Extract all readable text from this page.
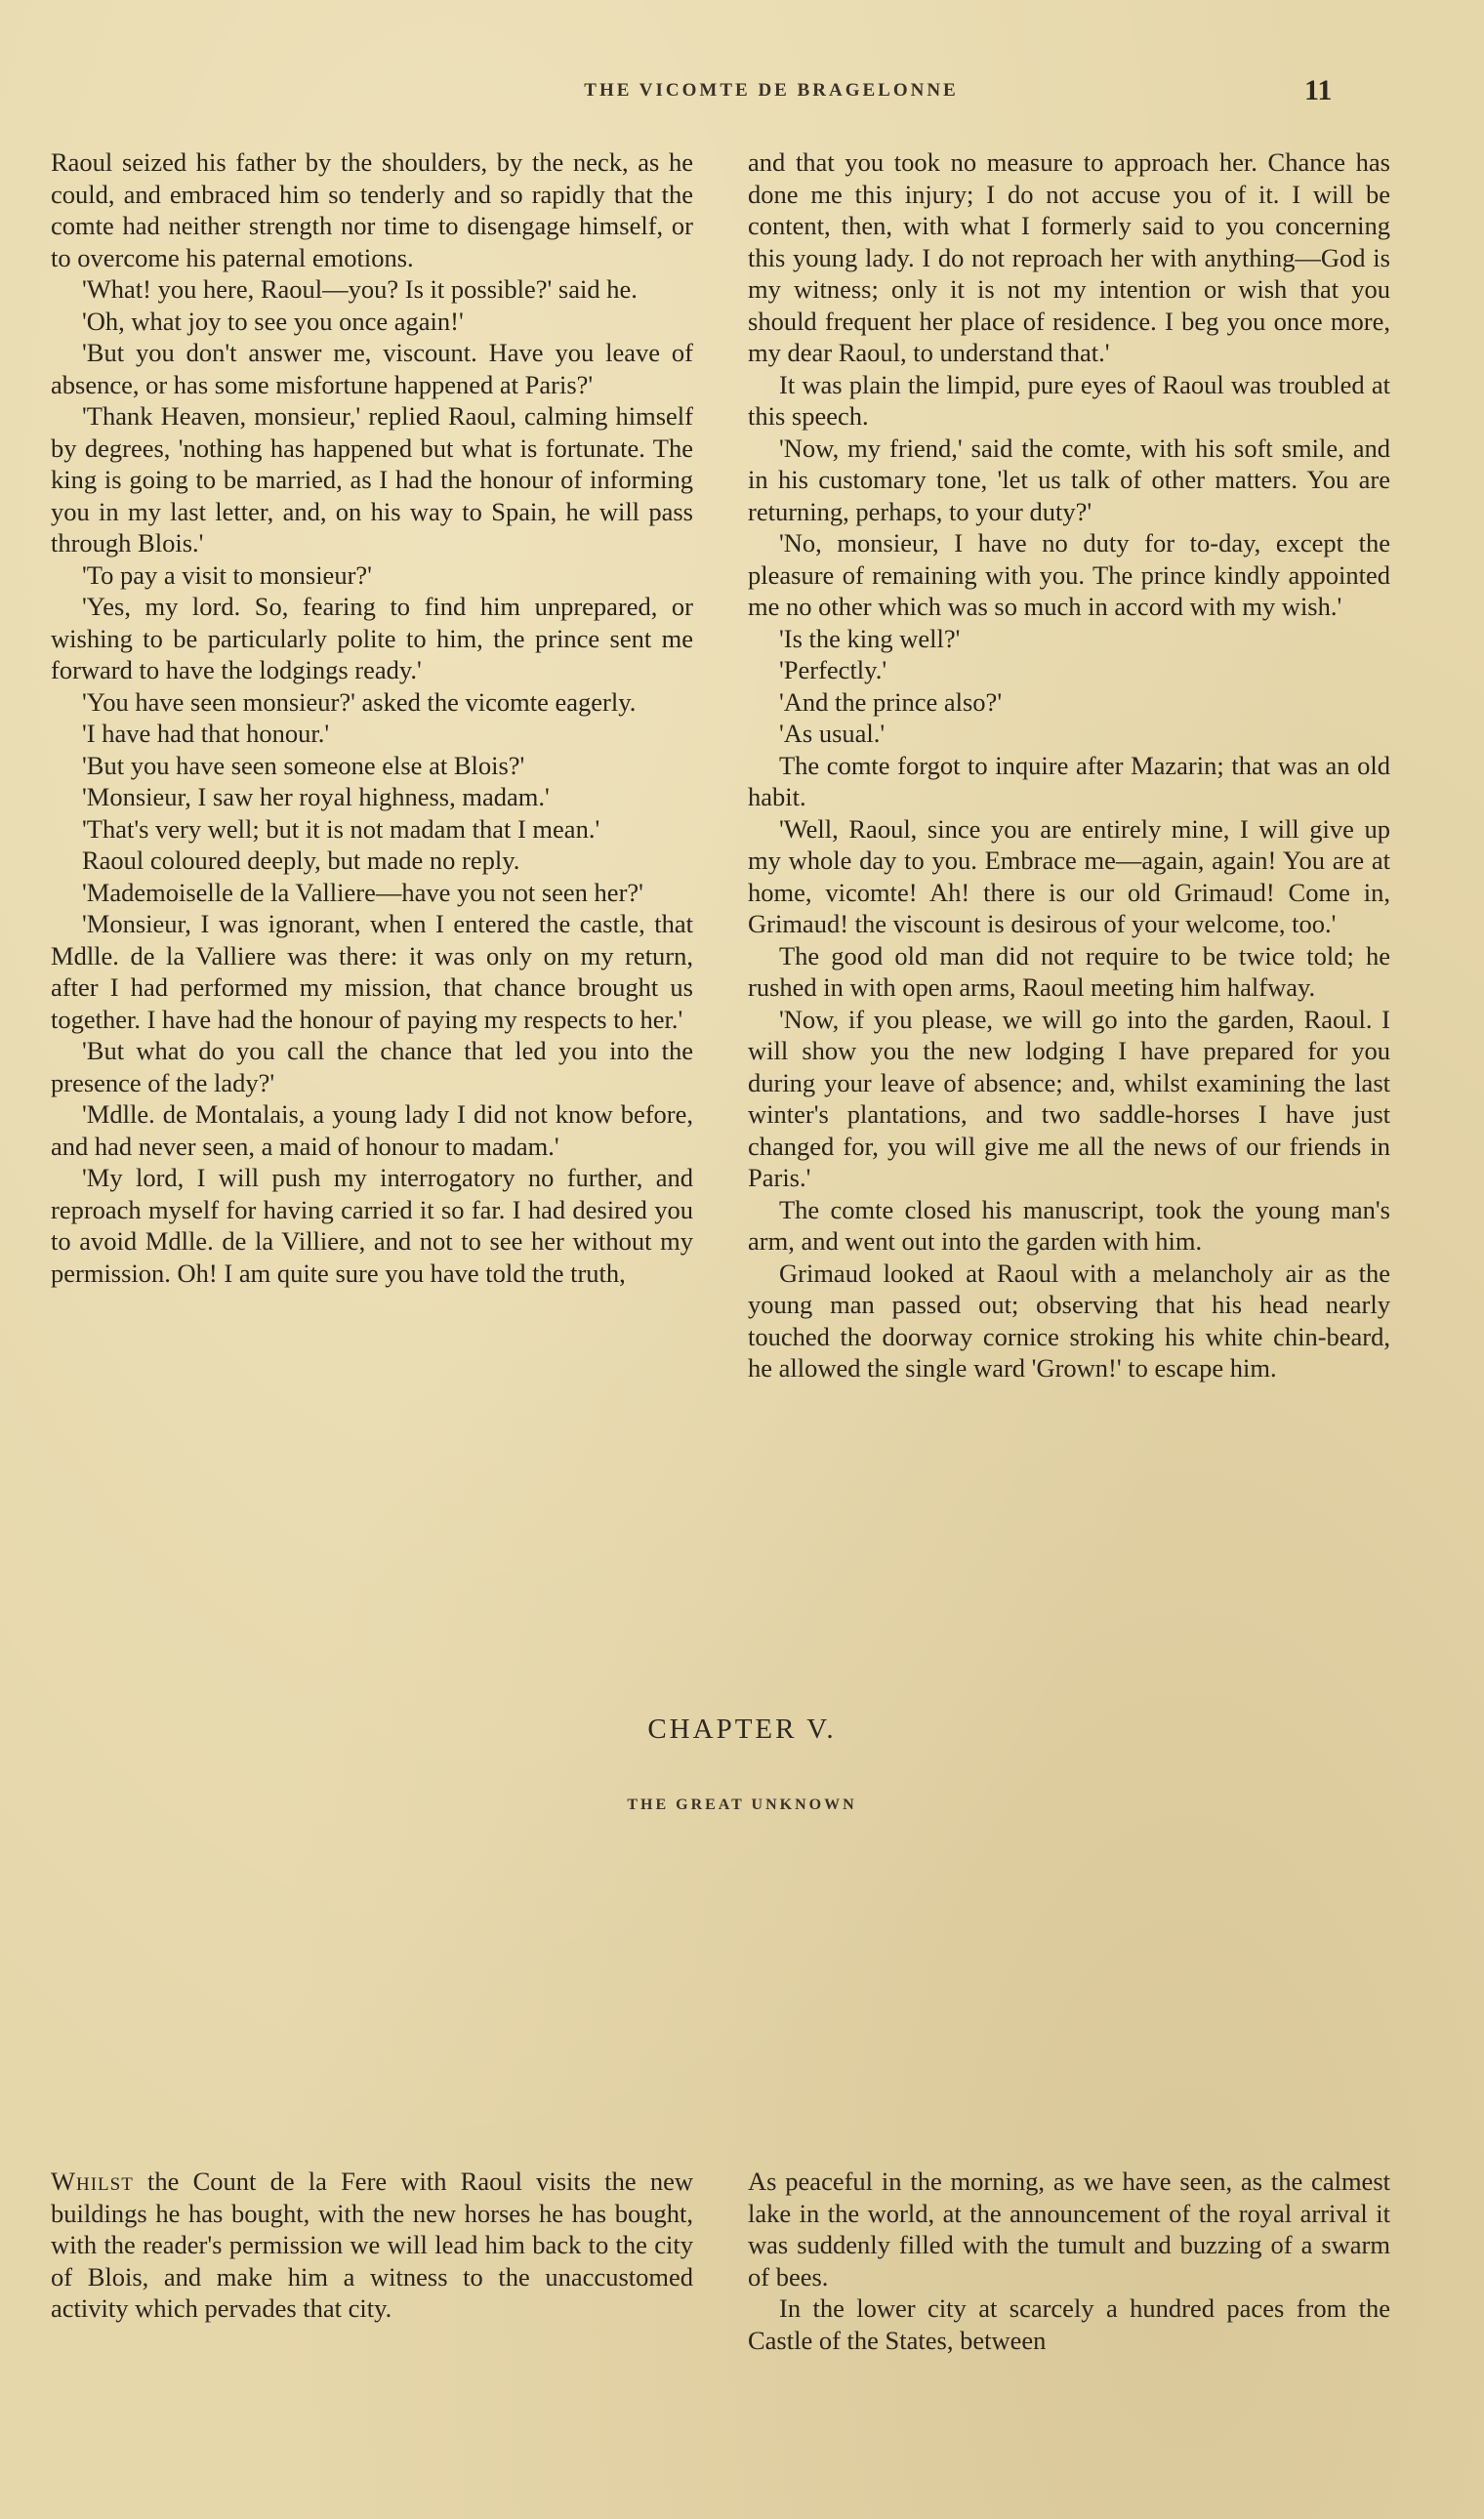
THE VICOMTE DE BRAGELONNE	11

Raoul seized his father by the shoulders, by the neck, as he could, and embraced him so tenderly and so rapidly that the comte had neither strength nor time to disengage himself, or to overcome his paternal emotions.

'What! you here, Raoul—you? Is it possible?' said he.

'Oh, what joy to see you once again!'

'But you don't answer me, viscount. Have you leave of absence, or has some misfortune happened at Paris?'

'Thank Heaven, monsieur,' replied Raoul, calming himself by degrees, 'nothing has happened but what is fortunate. The king is going to be married, as I had the honour of informing you in my last letter, and, on his way to Spain, he will pass through Blois.'

'To pay a visit to monsieur?'

'Yes, my lord. So, fearing to find him unprepared, or wishing to be particularly polite to him, the prince sent me forward to have the lodgings ready.'

'You have seen monsieur?' asked the vicomte eagerly.

'I have had that honour.'

'But you have seen someone else at Blois?'

'Monsieur, I saw her royal highness, madam.'

'That's very well; but it is not madam that I mean.'

Raoul coloured deeply, but made no reply.

'Mademoiselle de la Valliere—have you not seen her?'

'Monsieur, I was ignorant, when I entered the castle, that Mdlle. de la Valliere was there: it was only on my return, after I had performed my mission, that chance brought us together. I have had the honour of paying my respects to her.'

'But what do you call the chance that led you into the presence of the lady?'

'Mdlle. de Montalais, a young lady I did not know before, and had never seen, a maid of honour to madam.'

'My lord, I will push my interrogatory no further, and reproach myself for having carried it so far. I had desired you to avoid Mdlle. de la Villiere, and not to see her without my permission. Oh! I am quite sure you have told the truth,

and that you took no measure to approach her. Chance has done me this injury; I do not accuse you of it. I will be content, then, with what I formerly said to you concerning this young lady. I do not reproach her with anything—God is my witness; only it is not my intention or wish that you should frequent her place of residence. I beg you once more, my dear Raoul, to understand that.'

It was plain the limpid, pure eyes of Raoul was troubled at this speech.

'Now, my friend,' said the comte, with his soft smile, and in his customary tone, 'let us talk of other matters. You are returning, perhaps, to your duty?'

'No, monsieur, I have no duty for to-day, except the pleasure of remaining with you. The prince kindly appointed me no other which was so much in accord with my wish.'

'Is the king well?'

'Perfectly.'

'And the prince also?'

'As usual.'

The comte forgot to inquire after Mazarin; that was an old habit.

'Well, Raoul, since you are entirely mine, I will give up my whole day to you. Embrace me—again, again! You are at home, vicomte! Ah! there is our old Grimaud! Come in, Grimaud! the viscount is desirous of your welcome, too.'

The good old man did not require to be twice told; he rushed in with open arms, Raoul meeting him halfway.

'Now, if you please, we will go into the garden, Raoul. I will show you the new lodging I have prepared for you during your leave of absence; and, whilst examining the last winter's plantations, and two saddle-horses I have just changed for, you will give me all the news of our friends in Paris.'

The comte closed his manuscript, took the young man's arm, and went out into the garden with him.

Grimaud looked at Raoul with a melancholy air as the young man passed out; observing that his head nearly touched the doorway cornice stroking his white chin-beard, he allowed the single ward 'Grown!' to escape him.

CHAPTER V.
THE GREAT UNKNOWN

Whilst the Count de la Fere with Raoul visits the new buildings he has bought, with the new horses he has bought, with the reader's permission we will lead him back to the city of Blois, and make him a witness to the unaccustomed activity which pervades that city.

As peaceful in the morning, as we have seen, as the calmest lake in the world, at the announcement of the royal arrival it was suddenly filled with the tumult and buzzing of a swarm of bees.

In the lower city at scarcely a hundred paces from the Castle of the States, between
